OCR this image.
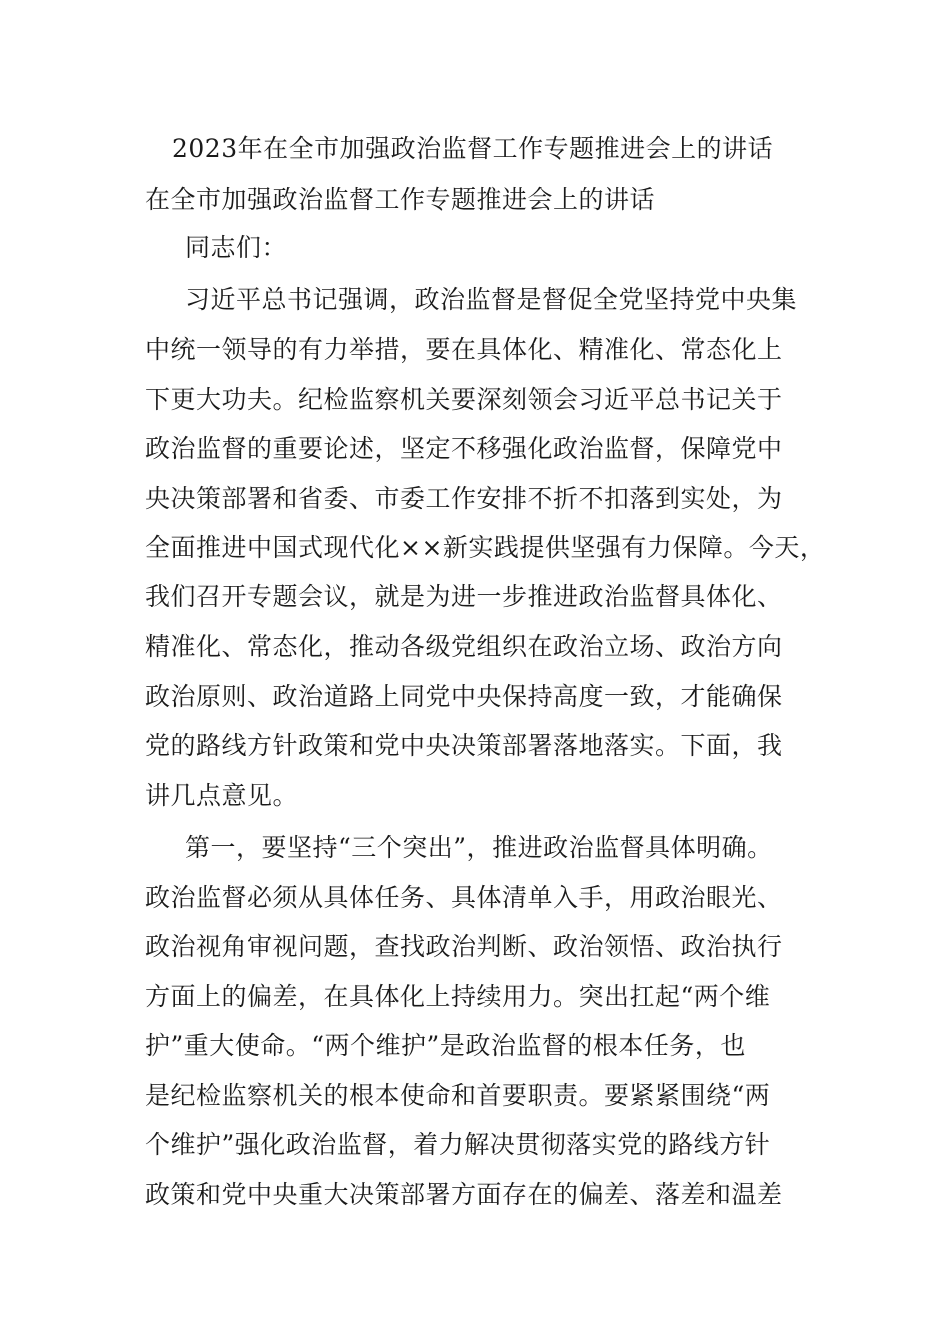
2023年在全市加强政治监督工作专题推进会上的讲话
在全市加强政治监督工作专题推进会上的讲话
同志们：
习近平总书记强调，政治监督是督促全党坚持党中央集
中统一领导的有力举措，要在具体化、精准化、常态化上
下更大功夫。纪检监察机关要深刻领会习近平总书记关于
政治监督的重要论述，坚定不移强化政治监督，保障党中
央决策部署和省委、市委工作安排不折不扣落到实处，为
全面推进中国式现代化××新实践提供坚强有力保障。今天，
我们召开专题会议，就是为进一步推进政治监督具体化、
精准化、常态化，推动各级党组织在政治立场、政治方向
政治原则、政治道路上同党中央保持高度一致，才能确保
党的路线方针政策和党中央决策部署落地落实。下面，我
讲几点意见。
第一，要坚持“三个突出”，推进政治监督具体明确。
政治监督必须从具体任务、具体清单入手，用政治眼光、
政治视角审视问题，查找政治判断、政治领悟、政治执行
方面上的偏差，在具体化上持续用力。突出扛起“两个维
护”重大使命。“两个维护”是政治监督的根本任务，也
是纪检监察机关的根本使命和首要职责。要紧紧围绕“两
个维护”强化政治监督，着力解决贯彻落实党的路线方针
政策和党中央重大决策部署方面存在的偏差、落差和温差
